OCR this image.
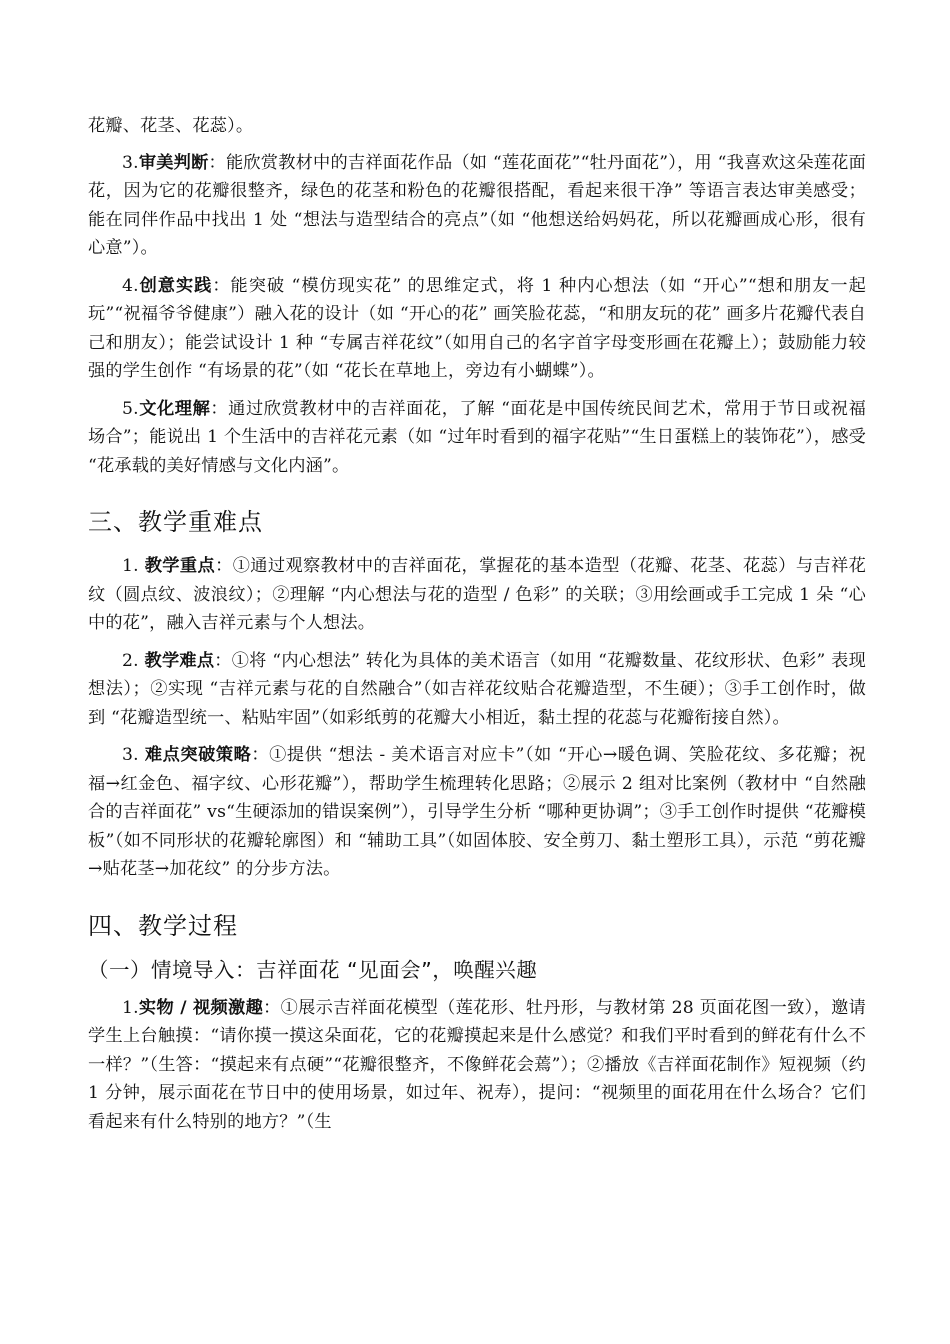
花瓣、花茎、花蕊）。

3.审美判断：能欣赏教材中的吉祥面花作品（如 “莲花面花”“牡丹面花”），用 “我喜欢这朵莲花面花，因为它的花瓣很整齐，绿色的花茎和粉色的花瓣很搭配，看起来很干净” 等语言表达审美感受；能在同伴作品中找出 1 处 “想法与造型结合的亮点”（如 “他想送给妈妈花，所以花瓣画成心形，很有心意”）。

4.创意实践：能突破 “模仿现实花” 的思维定式，将 1 种内心想法（如 “开心”“想和朋友一起玩”“祝福爷爷健康”）融入花的设计（如 “开心的花” 画笑脸花蕊，“和朋友玩的花” 画多片花瓣代表自己和朋友）；能尝试设计 1 种 “专属吉祥花纹”（如用自己的名字首字母变形画在花瓣上）；鼓励能力较强的学生创作 “有场景的花”（如 “花长在草地上，旁边有小蝴蝶”）。

5.文化理解：通过欣赏教材中的吉祥面花，了解 “面花是中国传统民间艺术，常用于节日或祝福场合”；能说出 1 个生活中的吉祥花元素（如 “过年时看到的福字花贴”“生日蛋糕上的装饰花”），感受 “花承载的美好情感与文化内涵”。

三、教学重难点

1. 教学重点：①通过观察教材中的吉祥面花，掌握花的基本造型（花瓣、花茎、花蕊）与吉祥花纹（圆点纹、波浪纹）；②理解 “内心想法与花的造型 / 色彩” 的关联；③用绘画或手工完成 1 朵 “心中的花”，融入吉祥元素与个人想法。

2. 教学难点：①将 “内心想法” 转化为具体的美术语言（如用 “花瓣数量、花纹形状、色彩” 表现想法）；②实现 “吉祥元素与花的自然融合”（如吉祥花纹贴合花瓣造型，不生硬）；③手工创作时，做到 “花瓣造型统一、粘贴牢固”（如彩纸剪的花瓣大小相近，黏土捏的花蕊与花瓣衔接自然）。

3. 难点突破策略：①提供 “想法 - 美术语言对应卡”（如 “开心→暖色调、笑脸花纹、多花瓣；祝福→红金色、福字纹、心形花瓣”），帮助学生梳理转化思路；②展示 2 组对比案例（教材中 “自然融合的吉祥面花” vs“生硬添加的错误案例”），引导学生分析 “哪种更协调”；③手工创作时提供 “花瓣模板”（如不同形状的花瓣轮廓图）和 “辅助工具”（如固体胶、安全剪刀、黏土塑形工具），示范 “剪花瓣→贴花茎→加花纹” 的分步方法。

四、教学过程
（一）情境导入：吉祥面花 “见面会”，唤醒兴趣

1.实物 / 视频激趣：①展示吉祥面花模型（莲花形、牡丹形，与教材第 28 页面花图一致），邀请学生上台触摸：“请你摸一摸这朵面花，它的花瓣摸起来是什么感觉？和我们平时看到的鲜花有什么不一样？”（生答：“摸起来有点硬”“花瓣很整齐，不像鲜花会蔫”）；②播放《吉祥面花制作》短视频（约 1 分钟，展示面花在节日中的使用场景，如过年、祝寿），提问：“视频里的面花用在什么场合？它们看起来有什么特别的地方？”（生
